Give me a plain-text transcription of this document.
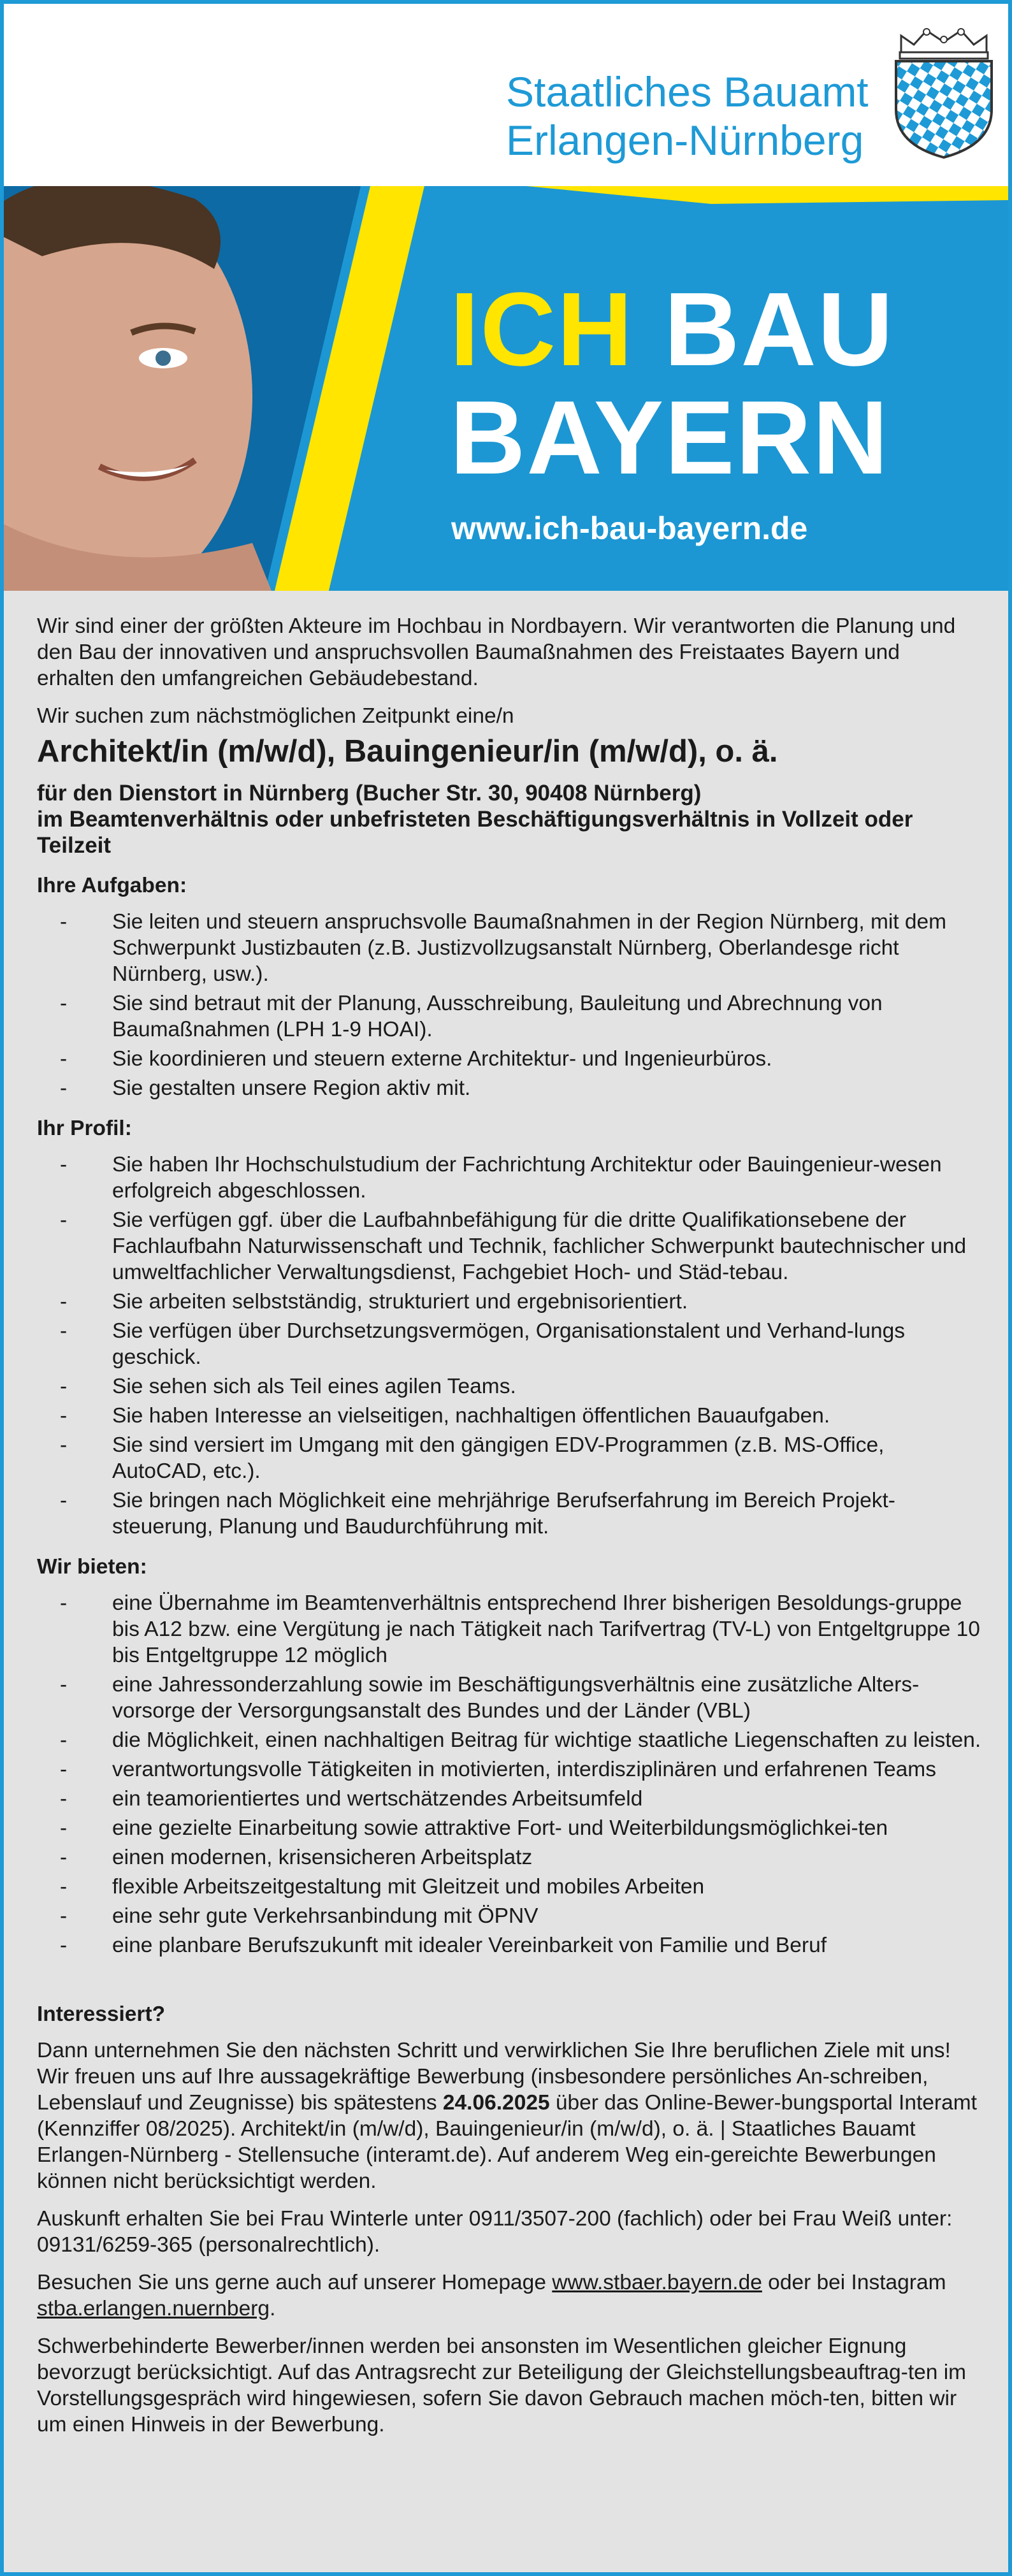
Staatliches Bauamt
Erlangen-Nürnberg
ICH BAU
BAYERN
www.ich-bau-bayern.de

Wir sind einer der größten Akteure im Hochbau in Nordbayern. Wir verantworten die Planung und den Bau der innovativen und anspruchsvollen Baumaßnahmen des Freistaates Bayern und erhalten den umfangreichen Gebäudebestand.

Wir suchen zum nächstmöglichen Zeitpunkt eine/n

Architekt/in (m/w/d), Bauingenieur/in (m/w/d), o. ä.

für den Dienstort in Nürnberg (Bucher Str. 30, 90408 Nürnberg)

im Beamtenverhältnis oder unbefristeten Beschäftigungsverhältnis in Vollzeit oder Teilzeit

Ihre Aufgaben:

- Sie leiten und steuern anspruchsvolle Baumaßnahmen in der Region Nürnberg, mit dem Schwerpunkt Justizbauten (z.B. Justizvollzugsanstalt Nürnberg, Oberlandesge richt Nürnberg, usw.).
- Sie sind betraut mit der Planung, Ausschreibung, Bauleitung und Abrechnung von Baumaßnahmen (LPH 1-9 HOAI).
- Sie koordinieren und steuern externe Architektur- und Ingenieurbüros.
- Sie gestalten unsere Region aktiv mit.

Ihr Profil:

- Sie haben Ihr Hochschulstudium der Fachrichtung Architektur oder Bauingenieur-wesen erfolgreich abgeschlossen.
- Sie verfügen ggf. über die Laufbahnbefähigung für die dritte Qualifikationsebene der Fachlaufbahn Naturwissenschaft und Technik, fachlicher Schwerpunkt bautechnischer und umweltfachlicher Verwaltungsdienst, Fachgebiet Hoch- und Städ-tebau.
- Sie arbeiten selbstständig, strukturiert und ergebnisorientiert.
- Sie verfügen über Durchsetzungsvermögen, Organisationstalent und Verhand-lungs geschick.
- Sie sehen sich als Teil eines agilen Teams.
- Sie haben Interesse an vielseitigen, nachhaltigen öffentlichen Bauaufgaben.
- Sie sind versiert im Umgang mit den gängigen EDV-Programmen (z.B. MS-Office, AutoCAD, etc.).
- Sie bringen nach Möglichkeit eine mehrjährige Berufserfahrung im Bereich Projekt-steuerung, Planung und Baudurchführung mit.

Wir bieten:

- eine Übernahme im Beamtenverhältnis entsprechend Ihrer bisherigen Besoldungs-gruppe bis A12 bzw. eine Vergütung je nach Tätigkeit nach Tarifvertrag (TV-L) von Entgeltgruppe 10 bis Entgeltgruppe 12 möglich
- eine Jahressonderzahlung sowie im Beschäftigungsverhältnis eine zusätzliche Alters-vorsorge der Versorgungsanstalt des Bundes und der Länder (VBL)
- die Möglichkeit, einen nachhaltigen Beitrag für wichtige staatliche Liegenschaften zu leisten.
- verantwortungsvolle Tätigkeiten in motivierten, interdisziplinären und erfahrenen Teams
- ein teamorientiertes und wertschätzendes Arbeitsumfeld
- eine gezielte Einarbeitung sowie attraktive Fort- und Weiterbildungsmöglichkei-ten
- einen modernen, krisensicheren Arbeitsplatz
- flexible Arbeitszeitgestaltung mit Gleitzeit und mobiles Arbeiten
- eine sehr gute Verkehrsanbindung mit ÖPNV
- eine planbare Berufszukunft mit idealer Vereinbarkeit von Familie und Beruf

Interessiert?

Dann unternehmen Sie den nächsten Schritt und verwirklichen Sie Ihre beruflichen Ziele mit uns! Wir freuen uns auf Ihre aussagekräftige Bewerbung (insbesondere persönliches An-schreiben, Lebenslauf und Zeugnisse) bis spätestens 24.06.2025 über das Online-Bewer-bungsportal Interamt (Kennziffer 08/2025). Architekt/in (m/w/d), Bauingenieur/in (m/w/d), o. ä. | Staatliches Bauamt Erlangen-Nürnberg - Stellensuche (interamt.de). Auf anderem Weg ein-gereichte Bewerbungen können nicht berücksichtigt werden.

Auskunft erhalten Sie bei Frau Winterle unter 0911/3507-200 (fachlich) oder bei Frau Weiß unter: 09131/6259-365 (personalrechtlich).

Besuchen Sie uns gerne auch auf unserer Homepage www.stbaer.bayern.de oder bei Instagram stba.erlangen.nuernberg.

Schwerbehinderte Bewerber/innen werden bei ansonsten im Wesentlichen gleicher Eignung bevorzugt berücksichtigt. Auf das Antragsrecht zur Beteiligung der Gleichstellungsbeauftrag-ten im Vorstellungsgespräch wird hingewiesen, sofern Sie davon Gebrauch machen möch-ten, bitten wir um einen Hinweis in der Bewerbung.
